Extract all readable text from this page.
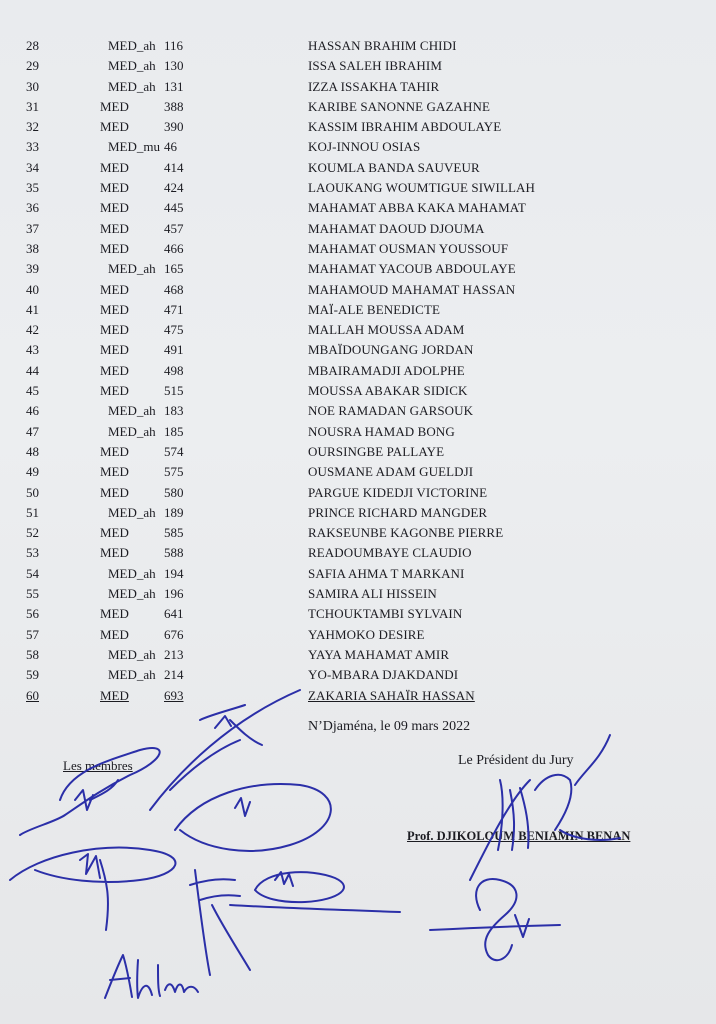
28	MED_ah 116	HASSAN BRAHIM CHIDI
29	MED_ah 130	ISSA SALEH IBRAHIM
30	MED_ah 131	IZZA ISSAKHA TAHIR
31	MED	388	KARIBE SANONNE GAZAHNE
32	MED	390	KASSIM IBRAHIM ABDOULAYE
33	MED_mu 46	KOJ-INNOU OSIAS
34	MED	414	KOUMLA BANDA SAUVEUR
35	MED	424	LAOUKANG WOUMTIGUE SIWILLAH
36	MED	445	MAHAMAT ABBA KAKA MAHAMAT
37	MED	457	MAHAMAT DAOUD DJOUMA
38	MED	466	MAHAMAT OUSMAN YOUSSOUF
39	MED_ah 165	MAHAMAT YACOUB ABDOULAYE
40	MED	468	MAHAMOUD MAHAMAT HASSAN
41	MED	471	MAÏ-ALE BENEDICTE
42	MED	475	MALLAH MOUSSA ADAM
43	MED	491	MBAÏDOUNGANG JORDAN
44	MED	498	MBAIRAMADJI ADOLPHE
45	MED	515	MOUSSA ABAKAR SIDICK
46	MED_ah 183	NOE RAMADAN GARSOUK
47	MED_ah 185	NOUSRA HAMAD BONG
48	MED	574	OURSINGBE PALLAYE
49	MED	575	OUSMANE ADAM GUELDJI
50	MED	580	PARGUE KIDEDJI VICTORINE
51	MED_ah 189	PRINCE RICHARD MANGDER
52	MED	585	RAKSEUNBE KAGONBE PIERRE
53	MED	588	READOUMBAYE CLAUDIO
54	MED_ah 194	SAFIA AHMA T MARKANI
55	MED_ah 196	SAMIRA ALI HISSEIN
56	MED	641	TCHOUKTAMBI SYLVAIN
57	MED	676	YAHMOKO DESIRE
58	MED_ah 213	YAYA MAHAMAT AMIR
59	MED_ah 214	YO-MBARA DJAKDANDI
60	MED	693	ZAKARIA SAHAÏR HASSAN
N’Djaména, le 09 mars 2022
Les membres	Le Président du Jury
Prof. DJIKOLOUM BENIAMIN BENAN
